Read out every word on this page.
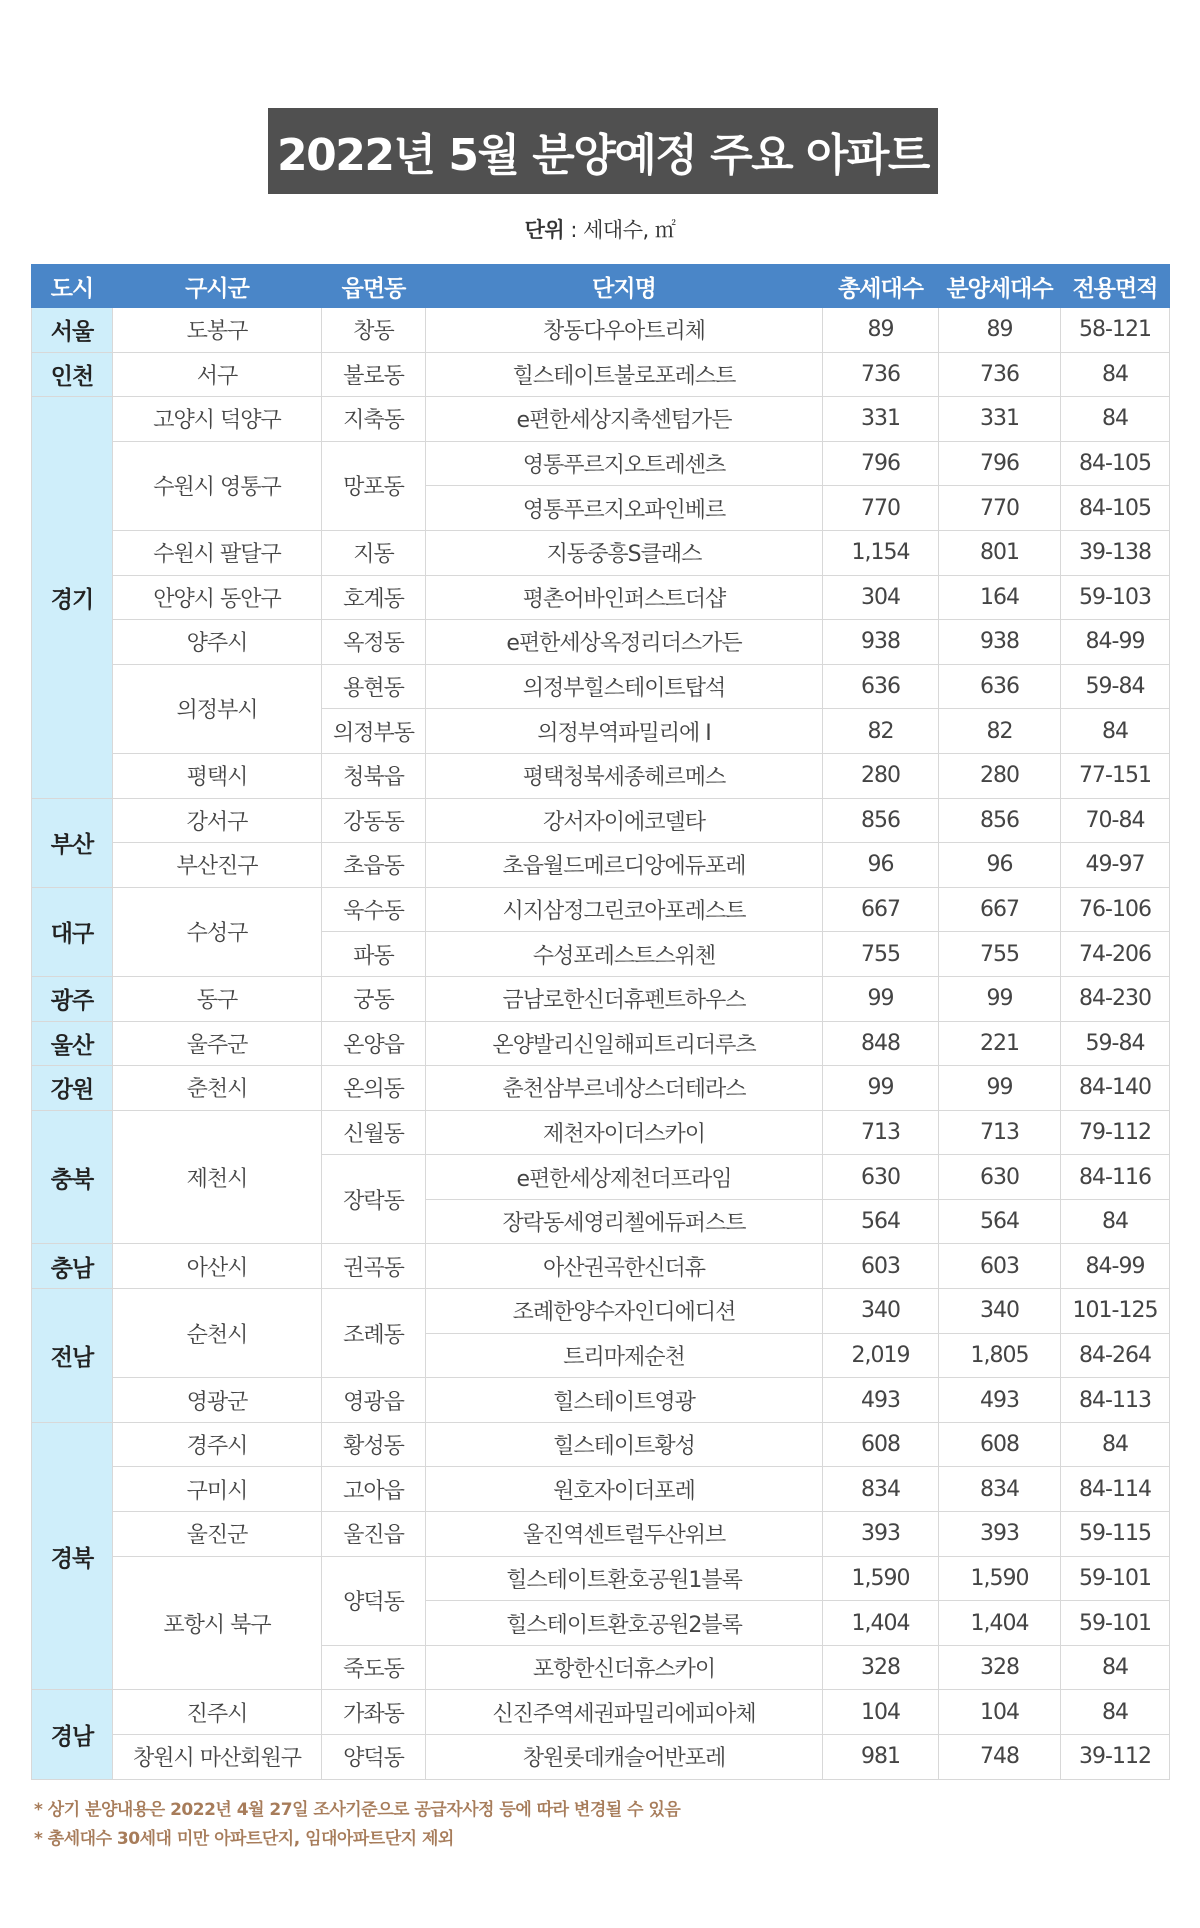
2022년 5월 분양예정 주요 아파트
단위 : 세대수, ㎡
도시	구시군	읍면동	단지명	총세대수	분양세대수	전용면적
서울	도봉구	창동	창동다우아트리체	89	89	58-121
인천	서구	불로동	힐스테이트불로포레스트	736	736	84
경기	고양시 덕양구	지축동	e편한세상지축센텀가든	331	331	84
	수원시 영통구	망포동	영통푸르지오트레센츠	796	796	84-105
			영통푸르지오파인베르	770	770	84-105
	수원시 팔달구	지동	지동중흥S클래스	1,154	801	39-138
	안양시 동안구	호계동	평촌어바인퍼스트더샵	304	164	59-103
	양주시	옥정동	e편한세상옥정리더스가든	938	938	84-99
	의정부시	용현동	의정부힐스테이트탑석	636	636	59-84
		의정부동	의정부역파밀리에 I	82	82	84
	평택시	청북읍	평택청북세종헤르메스	280	280	77-151
부산	강서구	강동동	강서자이에코델타	856	856	70-84
	부산진구	초읍동	초읍월드메르디앙에듀포레	96	96	49-97
대구	수성구	욱수동	시지삼정그린코아포레스트	667	667	76-106
		파동	수성포레스트스위첸	755	755	74-206
광주	동구	궁동	금남로한신더휴펜트하우스	99	99	84-230
울산	울주군	온양읍	온양발리신일해피트리더루츠	848	221	59-84
강원	춘천시	온의동	춘천삼부르네상스더테라스	99	99	84-140
충북	제천시	신월동	제천자이더스카이	713	713	79-112
		장락동	e편한세상제천더프라임	630	630	84-116
			장락동세영리첼에듀퍼스트	564	564	84
충남	아산시	권곡동	아산권곡한신더휴	603	603	84-99
전남	순천시	조례동	조례한양수자인디에디션	340	340	101-125
			트리마제순천	2,019	1,805	84-264
	영광군	영광읍	힐스테이트영광	493	493	84-113
경북	경주시	황성동	힐스테이트황성	608	608	84
	구미시	고아읍	원호자이더포레	834	834	84-114
	울진군	울진읍	울진역센트럴두산위브	393	393	59-115
	포항시 북구	양덕동	힐스테이트환호공원1블록	1,590	1,590	59-101
			힐스테이트환호공원2블록	1,404	1,404	59-101
		죽도동	포항한신더휴스카이	328	328	84
경남	진주시	가좌동	신진주역세권파밀리에피아체	104	104	84
	창원시 마산회원구	양덕동	창원롯데캐슬어반포레	981	748	39-112
* 상기 분양내용은 2022년 4월 27일 조사기준으로 공급자사정 등에 따라 변경될 수 있음
* 총세대수 30세대 미만 아파트단지, 임대아파트단지 제외
